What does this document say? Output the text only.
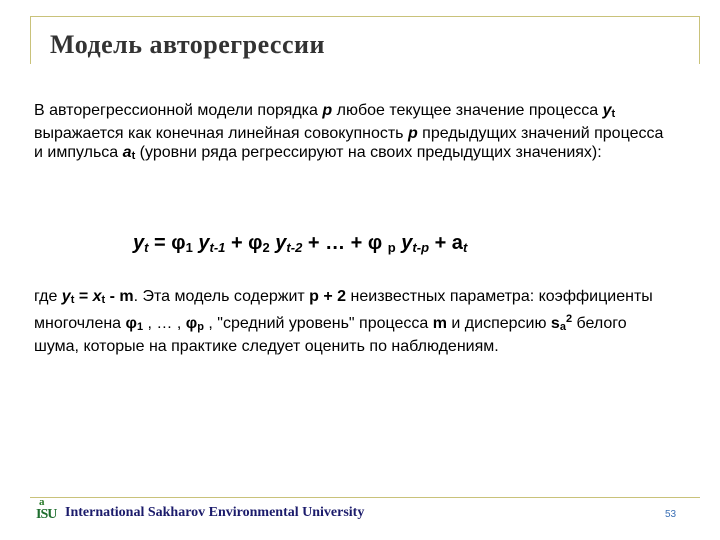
Модель авторегрессии
В авторегрессионной модели порядка р любое текущее значение процесса $y_t$ выражается как конечная линейная совокупность р предыдущих значений процесса и импульса $a_t$ (уровни ряда регрессируют на своих предыдущих значениях):
$y_t = \varphi_1$ $y_{t-1} + \varphi_2$ $y_{t-2}$ + … + φ $_р$ $y_{t-p} + a_t$
где $y_t = x_t - m$. Эта модель содержит р + 2 неизвестных параметра: коэффициенты многочлена $\varphi_1$ , … , $\varphi_p$ , "средний уровень" процесса m и дисперсию $s_a^2$ белого шума, которые на практике следует оценить по наблюдениям.
a
ISU International Sakharov Environmental University	53
